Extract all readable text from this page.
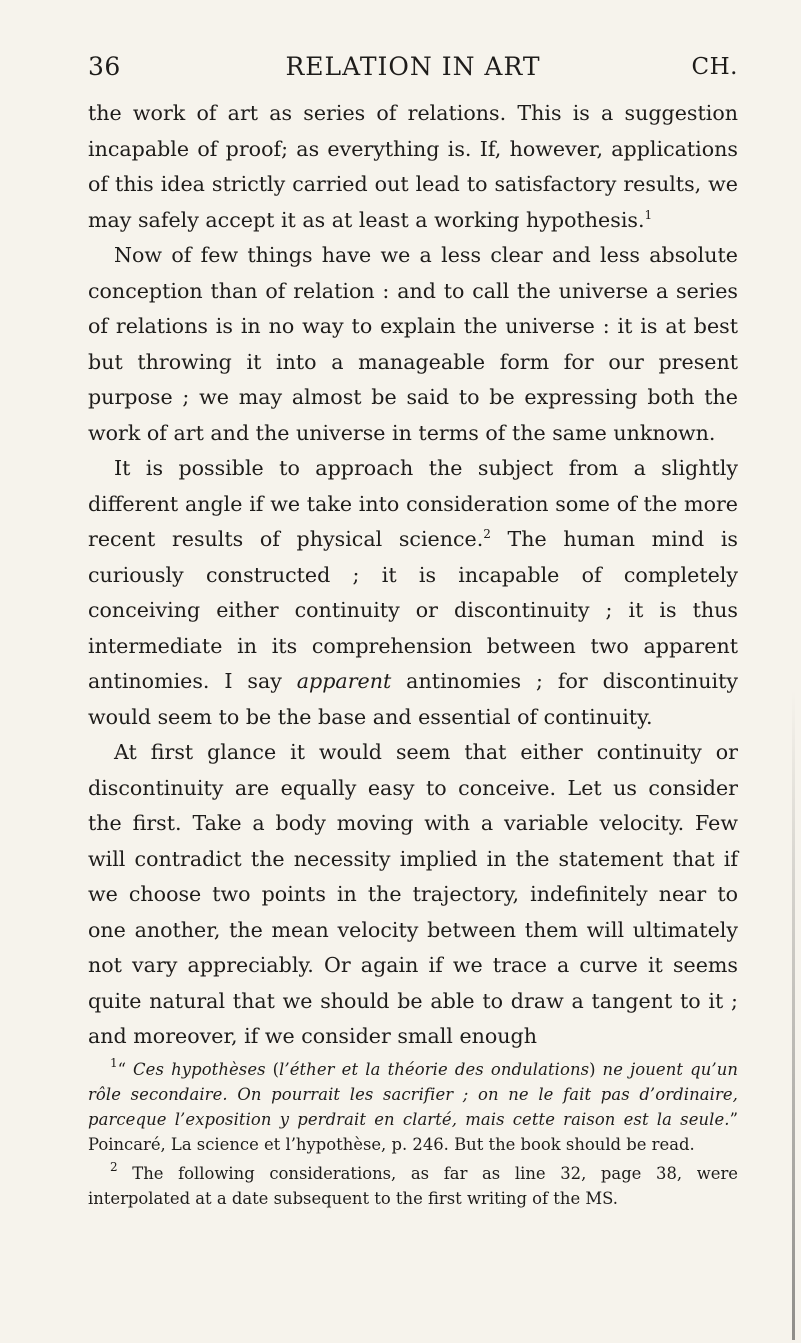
36	RELATION IN ART	CH.

the work of art as series of relations. This is a suggestion incapable of proof; as everything is. If, however, applications of this idea strictly carried out lead to satisfactory results, we may safely accept it as at least a working hypothesis.$^1$

Now of few things have we a less clear and less absolute conception than of relation : and to call the universe a series of relations is in no way to explain the universe : it is at best but throwing it into a manageable form for our present purpose ; we may almost be said to be expressing both the work of art and the universe in terms of the same unknown.

It is possible to approach the subject from a slightly different angle if we take into consideration some of the more recent results of physical science.$^2$ The human mind is curiously constructed ; it is incapable of completely conceiving either continuity or discontinuity ; it is thus intermediate in its comprehension between two apparent antinomies. I say apparent antinomies ; for discontinuity would seem to be the base and essential of continuity.

At first glance it would seem that either continuity or discontinuity are equally easy to conceive. Let us consider the first. Take a body moving with a variable velocity. Few will contradict the necessity implied in the statement that if we choose two points in the trajectory, indefinitely near to one another, the mean velocity between them will ultimately not vary appreciably. Or again if we trace a curve it seems quite natural that we should be able to draw a tangent to it ; and moreover, if we consider small enough

$^1$“ Ces hypothèses (l’éther et la théorie des ondulations) ne jouent qu’un rôle secondaire. On pourrait les sacrifier ; on ne le fait pas d’ordinaire, parceque l’exposition y perdrait en clarté, mais cette raison est la seule.” Poincaré, La science et l’hypothèse, p. 246. But the book should be read.

$^2$ The following considerations, as far as line 32, page 38, were interpolated at a date subsequent to the first writing of the MS.
